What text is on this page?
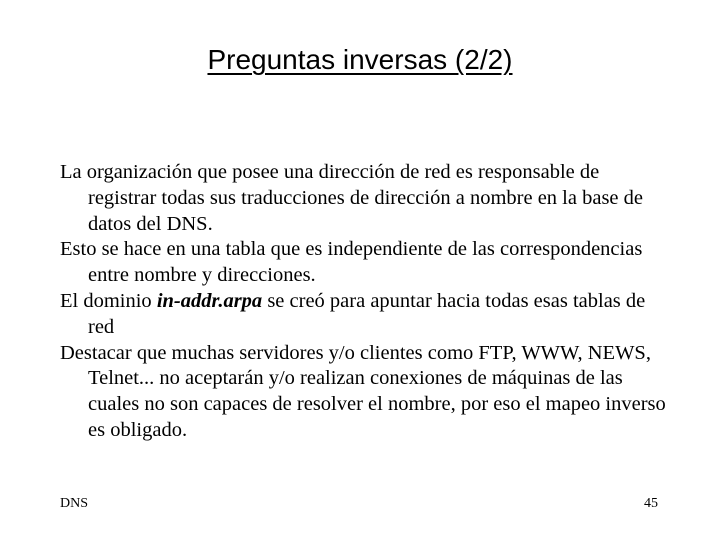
Preguntas inversas (2/2)

La organización que posee una dirección de red es responsable de registrar todas sus traducciones de dirección a nombre en la base de datos del DNS.

Esto se hace en una tabla que es independiente de las correspondencias entre nombre y direcciones.

El dominio in-addr.arpa se creó para apuntar hacia todas esas tablas de red

Destacar que muchas servidores y/o clientes como FTP, WWW, NEWS, Telnet... no aceptarán y/o realizan conexiones de máquinas de las cuales no son capaces de resolver el nombre, por eso el mapeo inverso es obligado.

DNS	45
